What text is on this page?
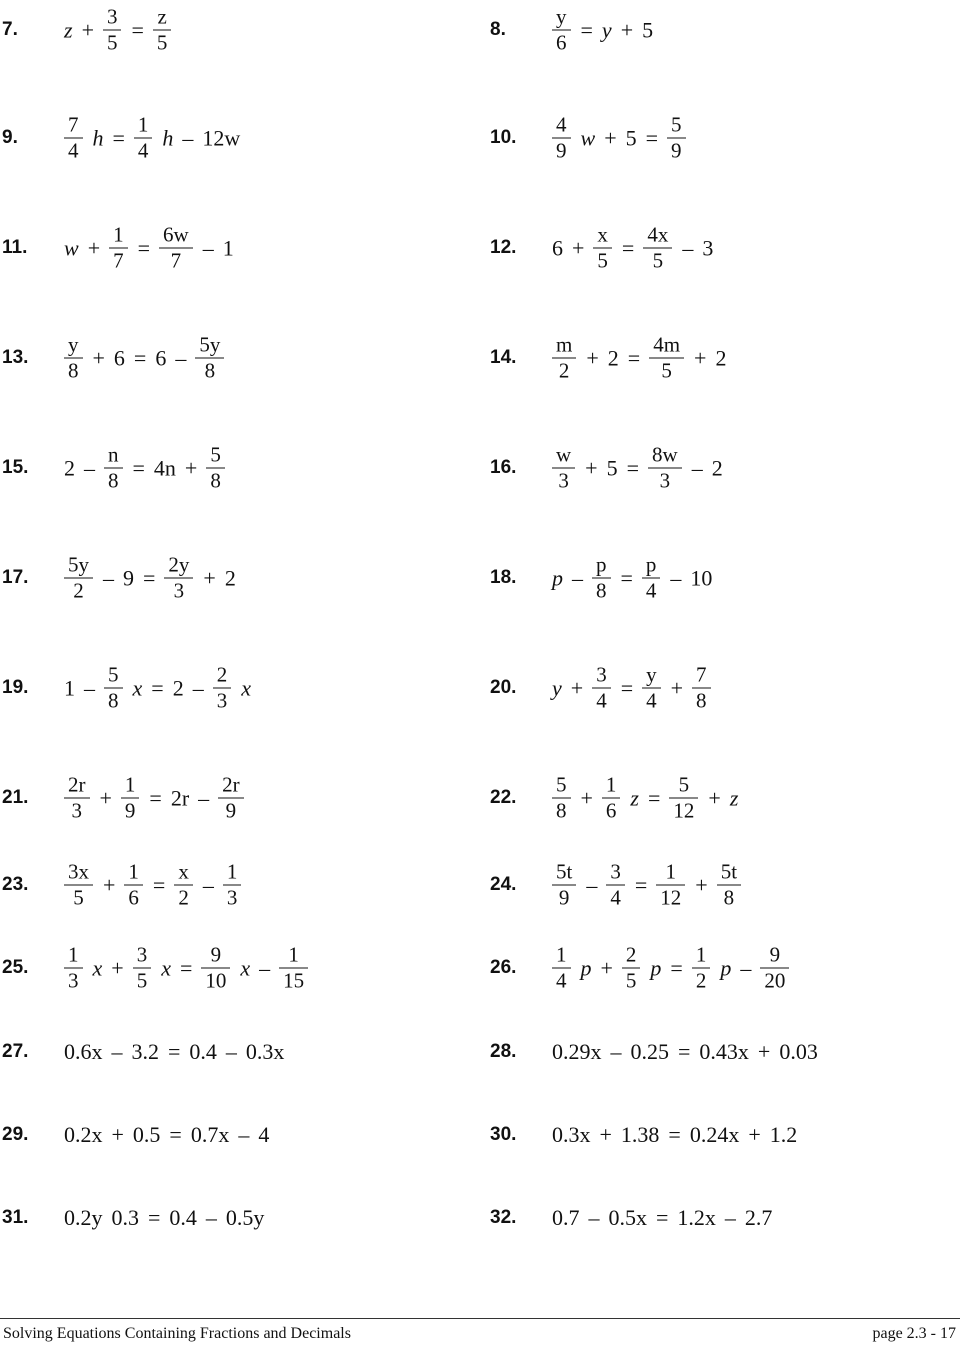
7. $z + \frac{3}{5} = \frac{z}{5}$	8. $\frac{y}{6} = y + 5$
9. $\frac{7}{4}$ $h = \frac{1}{4}$ h – 12w	10. $\frac{4}{9}$ $w + 5 = \frac{5}{9}$
11. $w + \frac{1}{7} = \frac{6w}{7} - 1$	12. $6 + \frac{x}{5} = \frac{4x}{5} - 3$
13. $\frac{y}{8} + 6 = 6 - \frac{5y}{8}$	14. $\frac{m}{2} + 2 = \frac{4m}{5} + 2$
15. $2 - \frac{n}{8} = 4n + \frac{5}{8}$	16. $\frac{w}{3} + 5 = \frac{8w}{3} - 2$
17. $\frac{5y}{2} - 9 = \frac{2y}{3} + 2$	18. $p - \frac{p}{8} = \frac{p}{4} - 10$
19. $1 - \frac{5}{8}$ $x = 2 - \frac{2}{3}$ x	20. $y + \frac{3}{4} = \frac{y}{4} + \frac{7}{8}$
21. $\frac{2r}{3} + \frac{1}{9} = 2r - \frac{2r}{9}$	22. $\frac{5}{8} + \frac{1}{6}$ $z = \frac{5}{12} + z$
23. $\frac{3x}{5} + \frac{1}{6} = \frac{x}{2} - \frac{1}{3}$	24. $\frac{5t}{9} - \frac{3}{4} = \frac{1}{12} + \frac{5t}{8}$
25. $\frac{1}{3}$ $x + \frac{3}{5}$ $x = \frac{9}{10}$ x – $\frac{1}{15}$	26. $\frac{1}{4}$ $p + \frac{2}{5}$ $p = \frac{1}{2}$ p – $\frac{9}{20}$
27. 0.6x – 3.2 = 0.4 – 0.3x	28. 0.29x – 0.25 = 0.43x + 0.03
29. 0.2x + 0.5 = 0.7x – 4	30. 0.3x + 1.38 = 0.24x + 1.2
31. 0.2y 0.3 = 0.4 – 0.5y	32. 0.7 – 0.5x = 1.2x – 2.7
Solving Equations Containing Fractions and Decimals	page 2.3 - 17
